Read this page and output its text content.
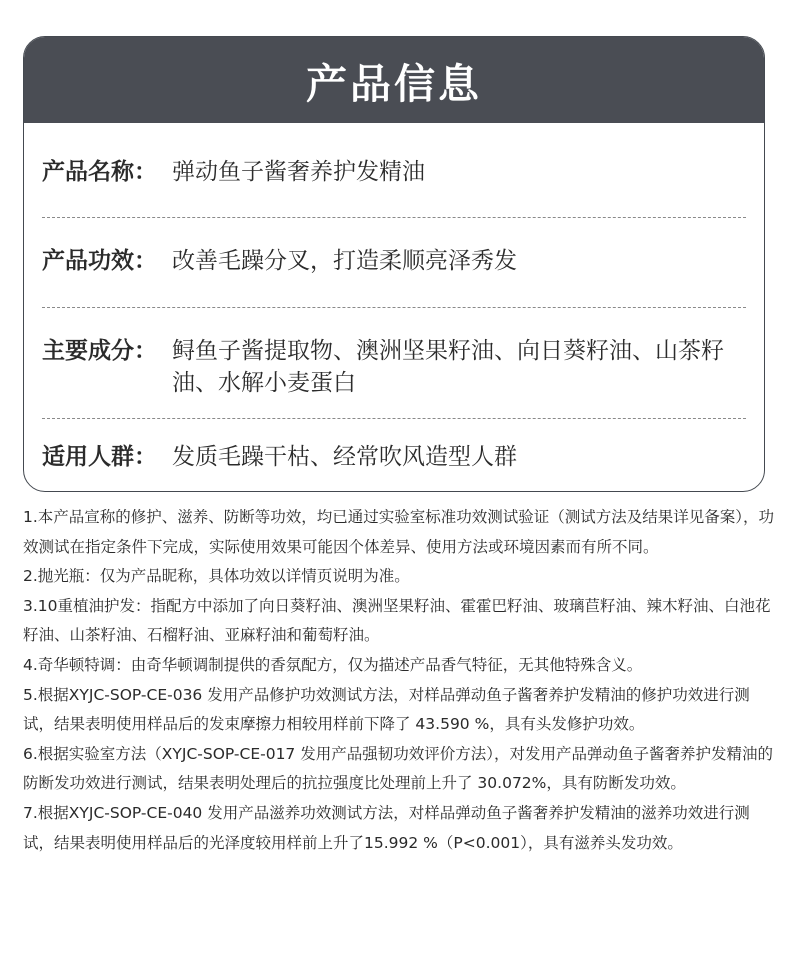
产品信息
产品名称： 弹动鱼子酱奢养护发精油
产品功效： 改善毛躁分叉，打造柔顺亮泽秀发
主要成分： 鲟鱼子酱提取物、澳洲坚果籽油、向日葵籽油、山茶籽油、水解小麦蛋白
适用人群： 发质毛躁干枯、经常吹风造型人群

1.本产品宣称的修护、滋养、防断等功效，均已通过实验室标准功效测试验证（测试方法及结果详见备案），功效测试在指定条件下完成，实际使用效果可能因个体差异、使用方法或环境因素而有所不同。

2.抛光瓶：仅为产品昵称，具体功效以详情页说明为准。

3.10重植油护发：指配方中添加了向日葵籽油、澳洲坚果籽油、霍霍巴籽油、玻璃苣籽油、辣木籽油、白池花籽油、山茶籽油、石榴籽油、亚麻籽油和葡萄籽油。

4.奇华顿特调：由奇华顿调制提供的香氛配方，仅为描述产品香气特征，无其他特殊含义。

5.根据XYJC-SOP-CE-036 发用产品修护功效测试方法，对样品弹动鱼子酱奢养护发精油的修护功效进行测试，结果表明使用样品后的发束摩擦力相较用样前下降了 43.590 %，具有头发修护功效。

6.根据实验室方法（XYJC-SOP-CE-017 发用产品强韧功效评价方法），对发用产品弹动鱼子酱奢养护发精油的防断发功效进行测试，结果表明处理后的抗拉强度比处理前上升了 30.072%，具有防断发功效。

7.根据XYJC-SOP-CE-040 发用产品滋养功效测试方法，对样品弹动鱼子酱奢养护发精油的滋养功效进行测试，结果表明使用样品后的光泽度较用样前上升了15.992 %（P<0.001），具有滋养头发功效。
